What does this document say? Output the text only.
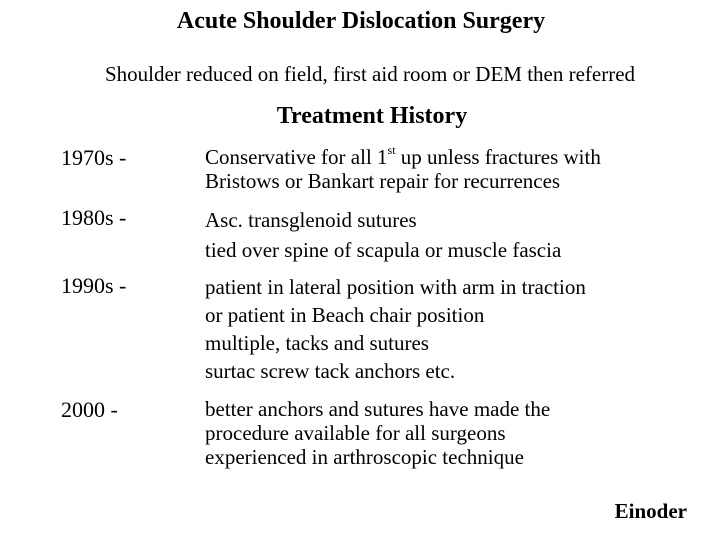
Acute Shoulder Dislocation Surgery

Shoulder reduced on field, first aid room or DEM then referred

Treatment History
1970s -	Conservative for all 1st up unless fractures with
Bristows or Bankart repair for recurrences
1980s -	Asc. transglenoid sutures
tied over spine of scapula or muscle fascia
1990s -	patient in lateral position with arm in traction
or patient in Beach chair position
multiple, tacks and sutures
surtac screw tack anchors etc.
2000 -	better anchors and sutures have made the
procedure available for all surgeons
experienced in arthroscopic technique
Einoder
